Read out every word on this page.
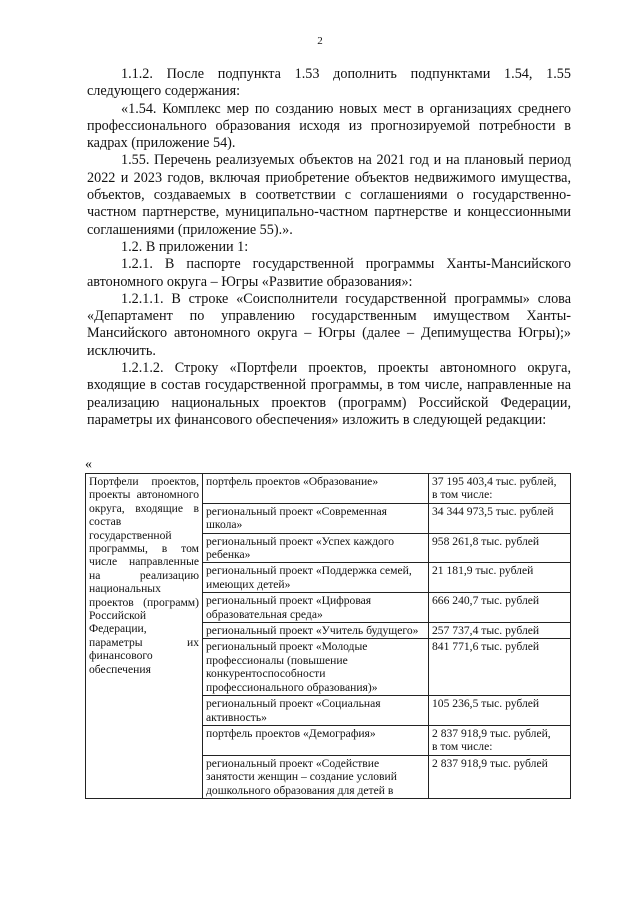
2

1.1.2. После подпункта 1.53 дополнить подпунктами 1.54, 1.55 следующего содержания:

«1.54. Комплекс мер по созданию новых мест в организациях среднего профессионального образования исходя из прогнозируемой потребности в кадрах (приложение 54).

1.55. Перечень реализуемых объектов на 2021 год и на плановый период 2022 и 2023 годов, включая приобретение объектов недвижимого имущества, объектов, создаваемых в соответствии с соглашениями о государственно-частном партнерстве, муниципально-частном партнерстве и концессионными соглашениями (приложение 55).».

1.2. В приложении 1:

1.2.1. В паспорте государственной программы Ханты-Мансийского автономного округа – Югры «Развитие образования»:

1.2.1.1. В строке «Соисполнители государственной программы» слова «Департамент по управлению государственным имуществом Ханты-Мансийского автономного округа – Югры (далее – Депимущества Югры);» исключить.

1.2.1.2. Строку «Портфели проектов, проекты автономного округа, входящие в состав государственной программы, в том числе, направленные на реализацию национальных проектов (программ) Российской Федерации, параметры их финансового обеспечения» изложить в следующей редакции:

«
Портфели проектов, проекты автономного округа, входящие в состав государственной программы, в том числе направленные на реализацию национальных проектов (программ) Российской Федерации, параметры их финансового обеспечения	портфель проектов «Образование»	37 195 403,4 тыс. рублей,
в том числе:
	региональный проект «Современная школа»	34 344 973,5 тыс. рублей
	региональный проект «Успех каждого ребенка»	958 261,8 тыс. рублей
	региональный проект «Поддержка семей, имеющих детей»	21 181,9 тыс. рублей
	региональный проект «Цифровая образовательная среда»	666 240,7 тыс. рублей
	региональный проект «Учитель будущего»	257 737,4 тыс. рублей
	региональный проект «Молодые профессионалы (повышение конкурентоспособности профессионального образования)»	841 771,6 тыс. рублей
	региональный проект «Социальная активность»	105 236,5 тыс. рублей
	портфель проектов «Демография»	2 837 918,9 тыс. рублей,
в том числе:
	региональный проект «Содействие занятости женщин – создание условий дошкольного образования для детей в	2 837 918,9 тыс. рублей
